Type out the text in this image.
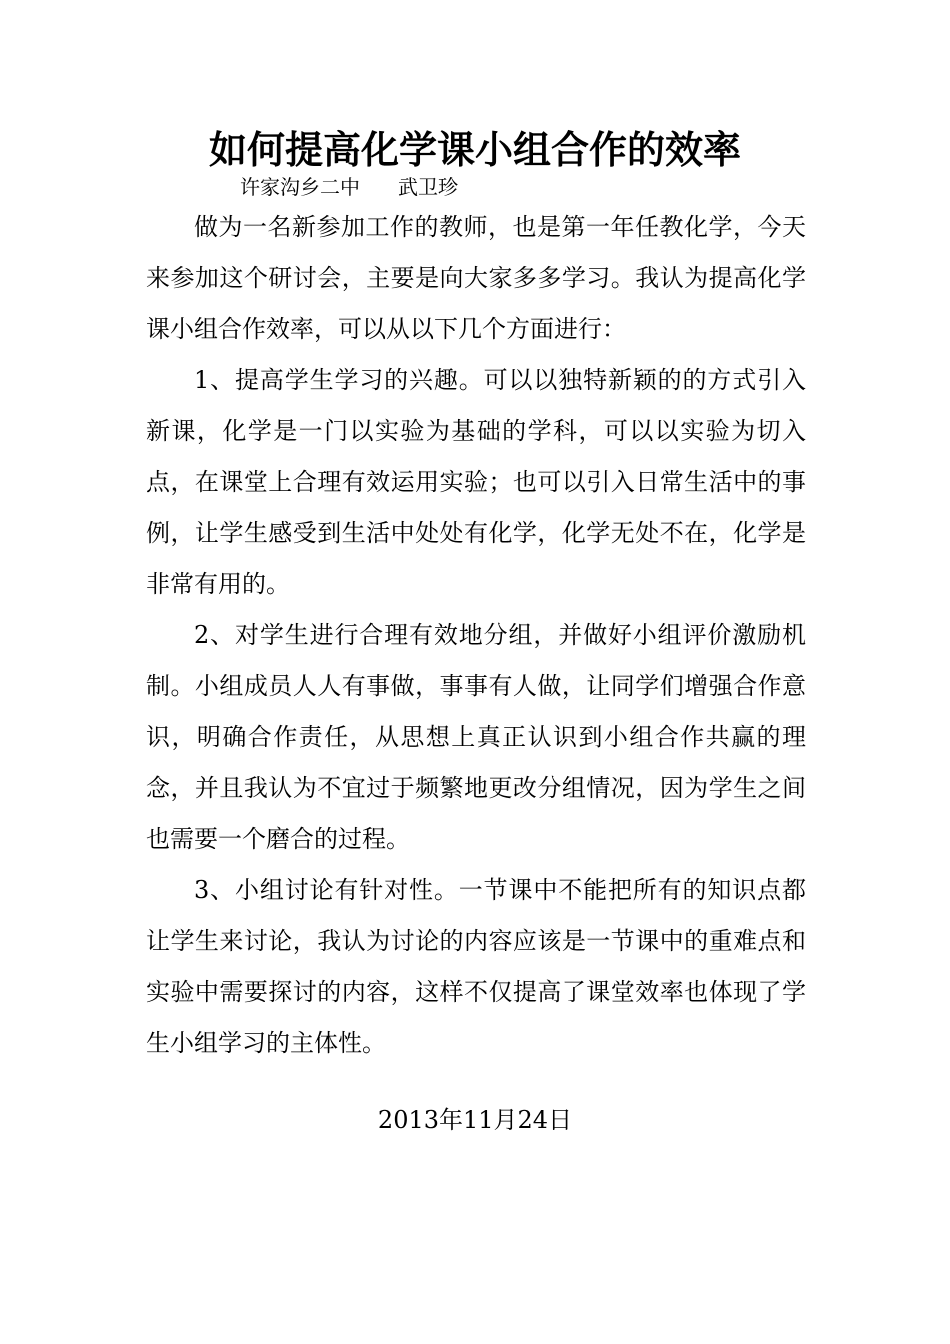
如何提高化学课小组合作的效率
许家沟乡二中 武卫珍

做为一名新参加工作的教师，也是第一年任教化学，今天来参加这个研讨会，主要是向大家多多学习。我认为提高化学课小组合作效率，可以从以下几个方面进行：

1、提高学生学习的兴趣。可以以独特新颖的的方式引入新课，化学是一门以实验为基础的学科，可以以实验为切入点，在课堂上合理有效运用实验；也可以引入日常生活中的事例，让学生感受到生活中处处有化学，化学无处不在，化学是非常有用的。

2、对学生进行合理有效地分组，并做好小组评价激励机制。小组成员人人有事做，事事有人做，让同学们增强合作意识，明确合作责任，从思想上真正认识到小组合作共赢的理念，并且我认为不宜过于频繁地更改分组情况，因为学生之间也需要一个磨合的过程。

3、小组讨论有针对性。一节课中不能把所有的知识点都让学生来讨论，我认为讨论的内容应该是一节课中的重难点和实验中需要探讨的内容，这样不仅提高了课堂效率也体现了学生小组学习的主体性。

2013年11月24日
